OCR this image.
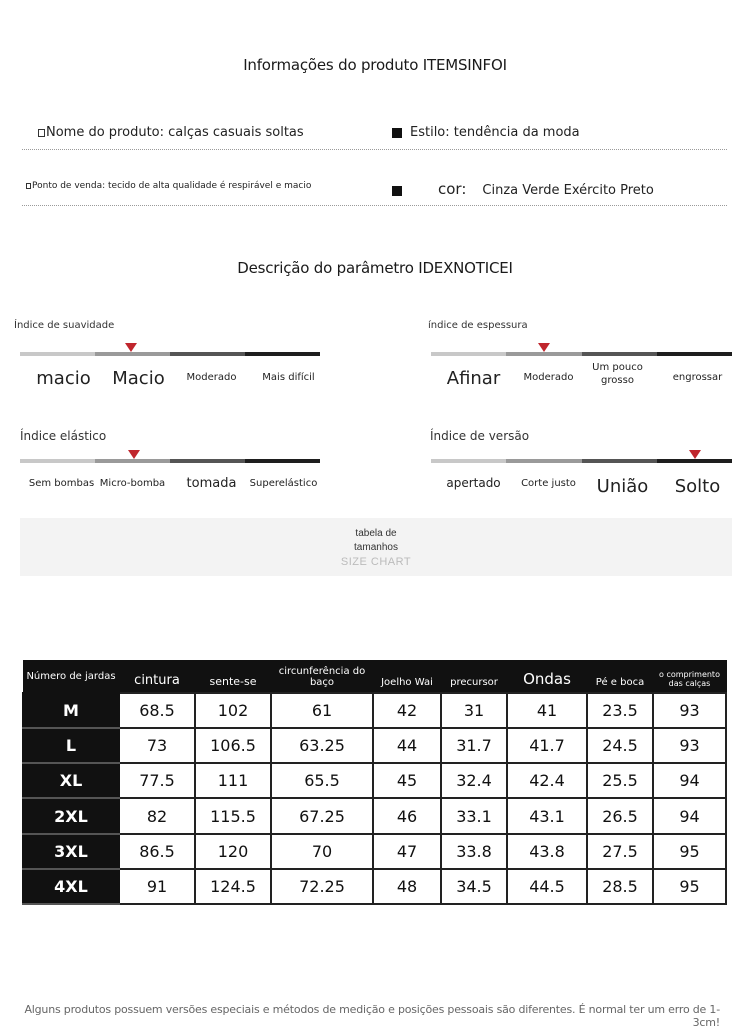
Informações do produto ITEMSINFOI
Nome do produto: calças casuais soltas	Estilo: tendência da moda
Ponto de venda: tecido de alta qualidade é respirável e macio	cor: Cinza Verde Exército Preto
Descrição do parâmetro IDEXNOTICEI
Índice de suavidade
macio	Macio	Moderado	Mais difícil
índice de espessura
Afinar	Moderado
Um pouco grosso	engrossar
Índice elástico
Sem bombas Micro-bomba	tomada	Superelástico
Índice de versão
apertado	Corte justo	União	Solto
tabela de
tamanhos
SIZE CHART
Número de jardas	cintura	sente-se	circunferência do baço	Joelho Wai	precursor	Ondas	Pé e boca	o comprimento das calças
M	68.5	102	61	42	31	41	23.5	93
L	73	106.5	63.25	44	31.7	41.7	24.5	93
XL	77.5	111	65.5	45	32.4	42.4	25.5	94
2XL	82	115.5	67.25	46	33.1	43.1	26.5	94
3XL	86.5	120	70	47	33.8	43.8	27.5	95
4XL	91	124.5	72.25	48	34.5	44.5	28.5	95
Alguns produtos possuem versões especiais e métodos de medição e posições pessoais são diferentes. É normal ter um erro de 1-3cm!
